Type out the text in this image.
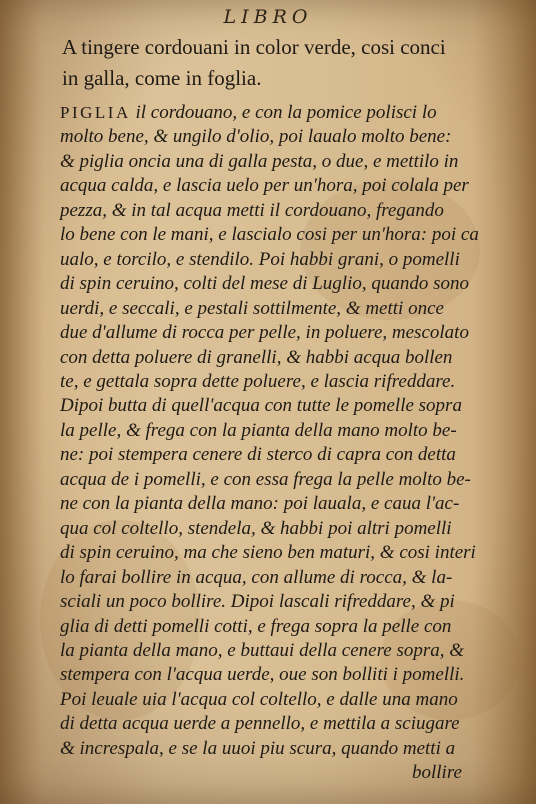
LIBRO
A tingere cordouani in color verde, cosi conci
in galla, come in foglia.
PIGLIA il cordouano, e con la pomice polisci lo
molto bene, & ungilo d'olio, poi laualo molto bene:
& piglia oncia una di galla pesta, o due, e mettilo in
acqua calda, e lascia uelo per un'hora, poi colala per
pezza, & in tal acqua metti il cordouano, fregando
lo bene con le mani, e lascialo cosi per un'hora: poi ca
ualo, e torcilo, e stendilo. Poi habbi grani, o pomelli
di spin ceruino, colti del mese di Luglio, quando sono
uerdi, e seccali, e pestali sottilmente, & metti once
due d'allume di rocca per pelle, in poluere, mescolato
con detta poluere di granelli, & habbi acqua bollen
te, e gettala sopra dette poluere, e lascia rifreddare.
Dipoi butta di quell'acqua con tutte le pomelle sopra
la pelle, & frega con la pianta della mano molto be-
ne: poi stempera cenere di sterco di capra con detta
acqua de i pomelli, e con essa frega la pelle molto be-
ne con la pianta della mano: poi lauala, e caua l'ac-
qua col coltello, stendela, & habbi poi altri pomelli
di spin ceruino, ma che sieno ben maturi, & cosi interi
lo farai bollire in acqua, con allume di rocca, & la-
sciali un poco bollire. Dipoi lascali rifreddare, & pi
glia di detti pomelli cotti, e frega sopra la pelle con
la pianta della mano, e buttaui della cenere sopra, &
stempera con l'acqua uerde, oue son bolliti i pomelli.
Poi leuale uia l'acqua col coltello, e dalle una mano
di detta acqua uerde a pennello, e mettila a sciugare
& increspala, e se la uuoi piu scura, quando metti a
bollire
